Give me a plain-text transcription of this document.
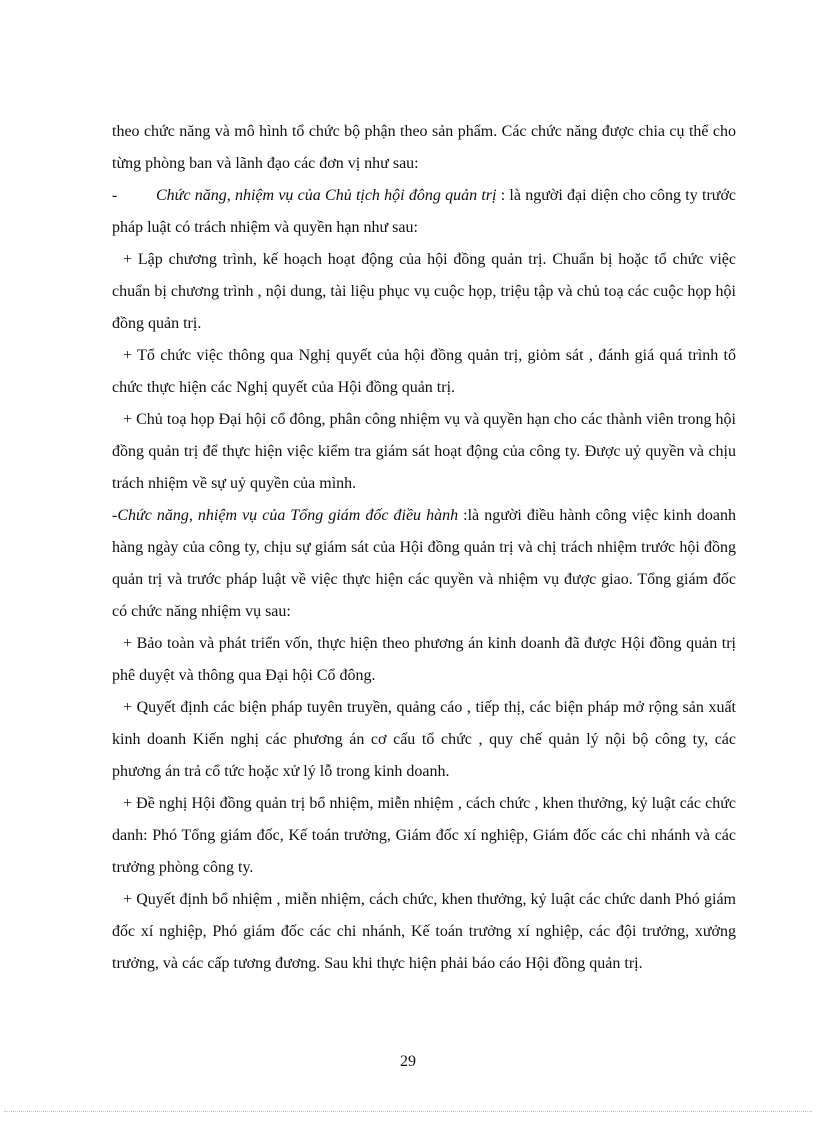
theo chức năng và mô hình tổ chức bộ phận theo sản phẩm. Các chức năng được chia cụ thể cho từng phòng ban và lãnh đạo các đơn vị như sau:

- Chức năng, nhiệm vụ của Chủ tịch hội đông quản trị : là người đại diện cho công ty trước pháp luật có trách nhiệm và quyền hạn như sau:

+ Lập chương trình, kế hoạch hoạt động của hội đồng quản trị. Chuẩn bị hoặc tổ chức việc chuẩn bị chương trình , nội dung, tài liệu phục vụ cuộc họp, triệu tập và chủ toạ các cuộc họp hội đồng quản trị.

+ Tổ chức việc thông qua Nghị quyết của hội đồng quản trị, giỏm sát , đánh giá quá trình tổ chức thực hiện các Nghị quyết của Hội đồng quản trị.

+ Chủ toạ họp Đại hội cổ đông, phân công nhiệm vụ và quyền hạn cho các thành viên trong hội đồng quản trị để thực hiện việc kiểm tra giám sát hoạt động của công ty. Được uỷ quyền và chịu trách nhiệm về sự uỷ quyền của mình.

-Chức năng, nhiệm vụ của Tổng giám đốc điều hành :là người điều hành công việc kinh doanh hàng ngày của công ty, chịu sự giám sát của Hội đồng quản trị và chị trách nhiệm trước hội đồng quản trị và trước pháp luật về việc thực hiện các quyền và nhiệm vụ được giao. Tổng giám đốc có chức năng nhiệm vụ sau:

+ Bảo toàn và phát triển vốn, thực hiện theo phương án kinh doanh đã được Hội đồng quản trị phê duyệt và thông qua Đại hội Cổ đông.

+ Quyết định các biện pháp tuyên truyền, quảng cáo , tiếp thị, các biện pháp mở rộng sản xuất kinh doanh Kiến nghị các phương án cơ cấu tổ chức , quy chế quản lý nội bộ công ty, các phương án trả cổ tức hoặc xử lý lỗ trong kinh doanh.

+ Đề nghị Hội đồng quản trị bổ nhiệm, miễn nhiệm , cách chức , khen thưởng, kỷ luật các chức danh: Phó Tổng giám đốc, Kế toán trưởng, Giám đốc xí nghiệp, Giám đốc các chi nhánh và các trưởng phòng công ty.

+ Quyết định bổ nhiệm , miễn nhiệm, cách chức, khen thưởng, kỷ luật các chức danh Phó giám đốc xí nghiệp, Phó giám đốc các chi nhánh, Kế toán trưởng xí nghiệp, các đội trưởng, xưởng trưởng, và các cấp tương đương. Sau khi thực hiện phải báo cáo Hội đồng quản trị.

29
